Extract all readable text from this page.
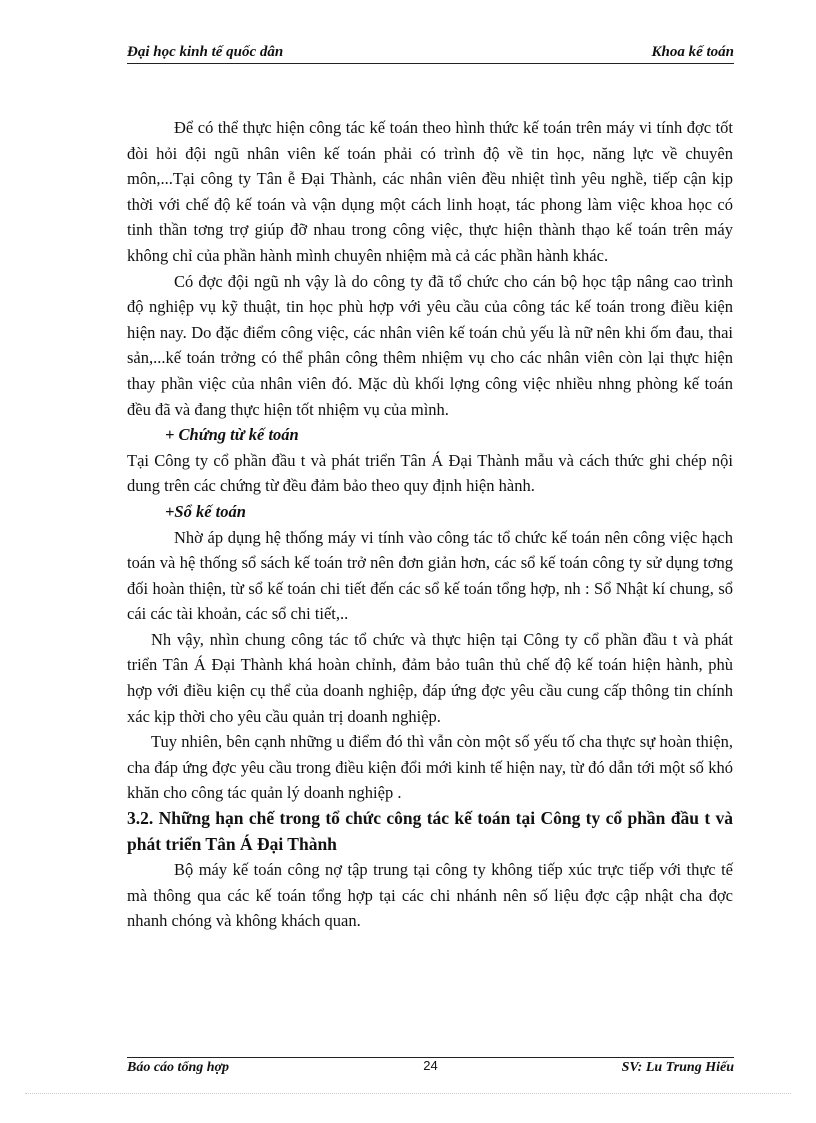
Đại học kinh tế quốc dân	Khoa kế toán

Để có thể thực hiện công tác kế toán theo hình thức kế toán trên máy vi tính đợc tốt đòi hỏi đội ngũ nhân viên kế toán phải có trình độ về tin học, năng lực về chuyên môn,...Tại công ty Tân ễ Đại Thành, các nhân viên đều nhiệt tình yêu nghề, tiếp cận kịp thời với chế độ kế toán và vận dụng một cách linh hoạt, tác phong làm việc khoa học có tinh thần tơng trợ giúp đỡ nhau trong công việc, thực hiện thành thạo kế toán trên máy không chỉ của phần hành mình chuyên nhiệm mà cả các phần hành khác.

Có đợc đội ngũ nh vậy là do công ty đã tổ chức cho cán bộ học tập nâng cao trình độ nghiệp vụ kỹ thuật, tin học phù hợp với yêu cầu của công tác kế toán trong điều kiện hiện nay. Do đặc điểm công việc, các nhân viên kế toán chủ yếu là nữ nên khi ốm đau, thai sản,...kế toán trởng có thể phân công thêm nhiệm vụ cho các nhân viên còn lại thực hiện thay phần việc của nhân viên đó. Mặc dù khối lợng công việc nhiều nhng phòng kế toán đều đã và đang thực hiện tốt nhiệm vụ của mình.

+ Chứng từ kế toán

Tại Công ty cổ phần đầu t và phát triển Tân Á Đại Thành mẫu và cách thức ghi chép nội dung trên các chứng từ đều đảm bảo theo quy định hiện hành.

+Sổ kế toán

Nhờ áp dụng hệ thống máy vi tính vào công tác tổ chức kế toán nên công việc hạch toán và hệ thống sổ sách kế toán trở nên đơn giản hơn, các sổ kế toán công ty sử dụng tơng đối hoàn thiện, từ sổ kế toán chi tiết đến các sổ kế toán tổng hợp, nh : Sổ Nhật kí chung, sổ cái các tài khoản, các sổ chi tiết,..

Nh vậy, nhìn chung công tác tổ chức và thực hiện tại Công ty cổ phần đầu t và phát triển Tân Á Đại Thành khá hoàn chỉnh, đảm bảo tuân thủ chế độ kế toán hiện hành, phù hợp với điều kiện cụ thể của doanh nghiệp, đáp ứng đợc yêu cầu cung cấp thông tin chính xác kịp thời cho yêu cầu quản trị doanh nghiệp.

Tuy nhiên, bên cạnh những u điểm đó thì vẫn còn một số yếu tố cha thực sự hoàn thiện, cha đáp ứng đợc yêu cầu trong điều kiện đổi mới kinh tế hiện nay, từ đó dẫn tới một số khó khăn cho công tác quản lý doanh nghiệp .

3.2. Những hạn chế trong tổ chức công tác kế toán tại Công ty cổ phần đầu t và phát triển Tân Á Đại Thành

Bộ máy kế toán công nợ tập trung tại công ty không tiếp xúc trực tiếp với thực tế mà thông qua các kế toán tổng hợp tại các chi nhánh nên số liệu đợc cập nhật cha đợc nhanh chóng và không khách quan.

Báo cáo tổng hợp	24	SV: Lu Trung Hiếu
